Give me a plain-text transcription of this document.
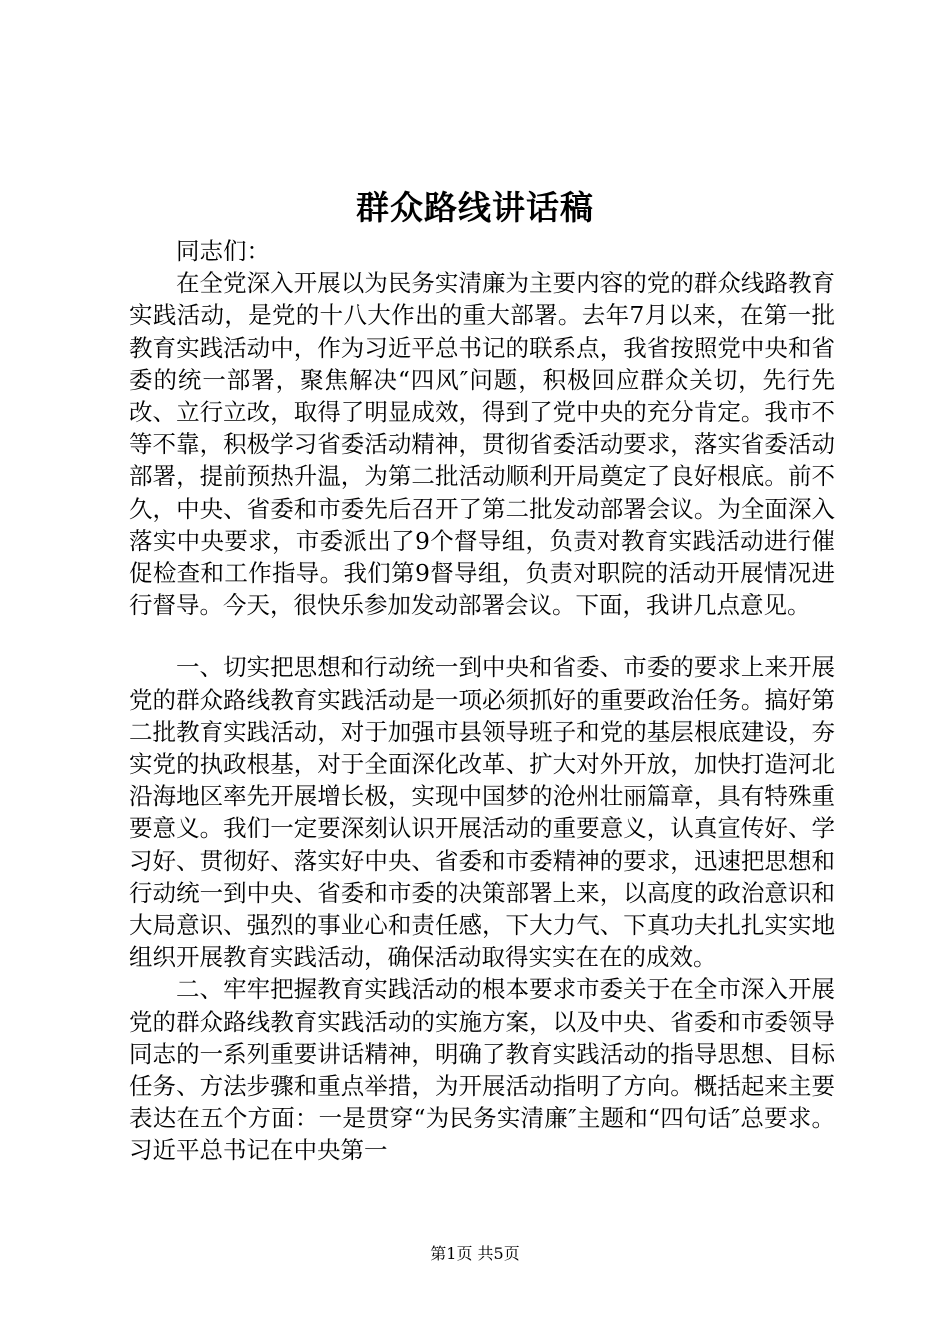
群众路线讲话稿

同志们：

在全党深入开展以为民务实清廉为主要内容的党的群众线路教育实践活动，是党的十八大作出的重大部署。去年7月以来，在第一批教育实践活动中，作为习近平总书记的联系点，我省按照党中央和省委的统一部署，聚焦解决“四风″问题，积极回应群众关切，先行先改、立行立改，取得了明显成效，得到了党中央的充分肯定。我市不等不靠，积极学习省委活动精神，贯彻省委活动要求，落实省委活动部署，提前预热升温，为第二批活动顺利开局奠定了良好根底。前不久，中央、省委和市委先后召开了第二批发动部署会议。为全面深入落实中央要求，市委派出了9个督导组，负责对教育实践活动进行催促检查和工作指导。我们第9督导组，负责对职院的活动开展情况进行督导。今天，很快乐参加发动部署会议。下面，我讲几点意见。

一、切实把思想和行动统一到中央和省委、市委的要求上来开展党的群众路线教育实践活动是一项必须抓好的重要政治任务。搞好第二批教育实践活动，对于加强市县领导班子和党的基层根底建设，夯实党的执政根基，对于全面深化改革、扩大对外开放，加快打造河北沿海地区率先开展增长极，实现中国梦的沧州壮丽篇章，具有特殊重要意义。我们一定要深刻认识开展活动的重要意义，认真宣传好、学习好、贯彻好、落实好中央、省委和市委精神的要求，迅速把思想和行动统一到中央、省委和市委的决策部署上来，以高度的政治意识和大局意识、强烈的事业心和责任感，下大力气、下真功夫扎扎实实地组织开展教育实践活动，确保活动取得实实在在的成效。

二、牢牢把握教育实践活动的根本要求市委关于在全市深入开展党的群众路线教育实践活动的实施方案，以及中央、省委和市委领导同志的一系列重要讲话精神，明确了教育实践活动的指导思想、目标任务、方法步骤和重点举措，为开展活动指明了方向。概括起来主要表达在五个方面：一是贯穿“为民务实清廉″主题和“四句话″总要求。习近平总书记在中央第一

第1页 共5页
